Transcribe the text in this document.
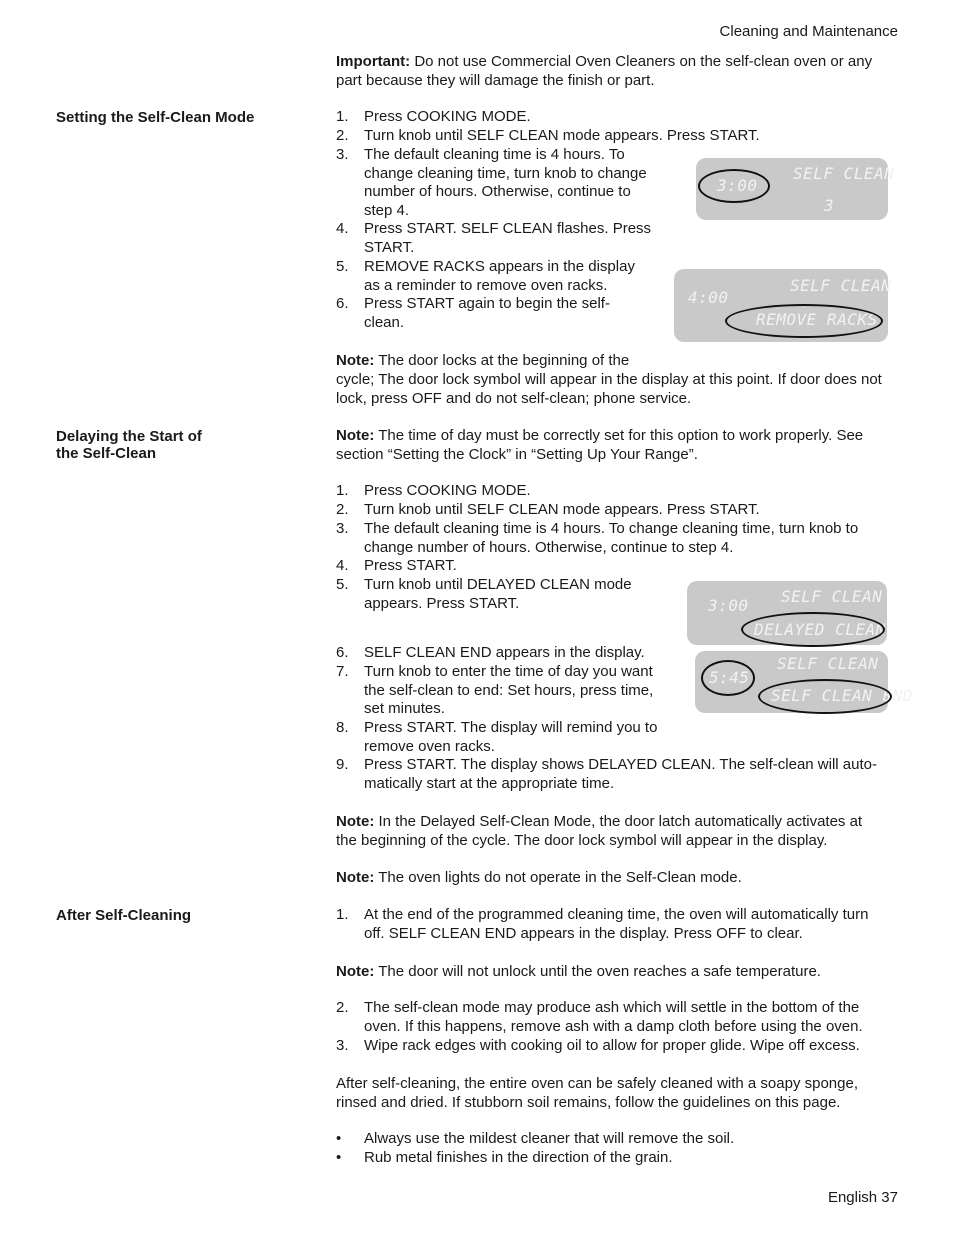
Cleaning and Maintenance
Important: Do not use Commercial Oven Cleaners on the self-clean oven or any part because they will damage the finish or part.
Setting the Self-Clean Mode	1. Press COOKING MODE.
2. Turn knob until SELF CLEAN mode appears. Press START.
3. The default cleaning time is 4 hours. To
change cleaning time, turn knob to change
number of hours. Otherwise, continue to
step 4.
4. Press START. SELF CLEAN flashes. Press
START.
5. REMOVE RACKS appears in the display
as a reminder to remove oven racks.
6. Press START again to begin the self-
clean.
Note: The door locks at the beginning of the
cycle; The door lock symbol will appear in the display at this point. If door does not
lock, press OFF and do not self-clean; phone service.
3:00
SELF CLEAN
3
4:00
SELF CLEAN
REMOVE RACKS
Delaying the Start of
the Self-Clean
Note: The time of day must be correctly set for this option to work properly. See
section “Setting the Clock” in “Setting Up Your Range”.
1. Press COOKING MODE.
2. Turn knob until SELF CLEAN mode appears. Press START.
3. The default cleaning time is 4 hours. To change cleaning time, turn knob to
change number of hours. Otherwise, continue to step 4.
4. Press START.
5. Turn knob until DELAYED CLEAN mode
appears. Press START.
6. SELF CLEAN END appears in the display.
7. Turn knob to enter the time of day you want
the self-clean to end: Set hours, press time,
set minutes.
8. Press START. The display will remind you to
remove oven racks.
9. Press START. The display shows DELAYED CLEAN. The self-clean will auto-
matically start at the appropriate time.
3:00 SELF CLEAN
DELAYED CLEAN
5:45
SELF CLEAN
SELF CLEAN END
Note: In the Delayed Self-Clean Mode, the door latch automatically activates at
the beginning of the cycle. The door lock symbol will appear in the display.
Note: The oven lights do not operate in the Self-Clean mode.
After Self-Cleaning	1. At the end of the programmed cleaning time, the oven will automatically turn
off. SELF CLEAN END appears in the display. Press OFF to clear.
Note: The door will not unlock until the oven reaches a safe temperature.
2. The self-clean mode may produce ash which will settle in the bottom of the
oven. If this happens, remove ash with a damp cloth before using the oven.
3. Wipe rack edges with cooking oil to allow for proper glide. Wipe off excess.
After self-cleaning, the entire oven can be safely cleaned with a soapy sponge,
rinsed and dried. If stubborn soil remains, follow the guidelines on this page.
• Always use the mildest cleaner that will remove the soil.
• Rub metal finishes in the direction of the grain.
English 37
